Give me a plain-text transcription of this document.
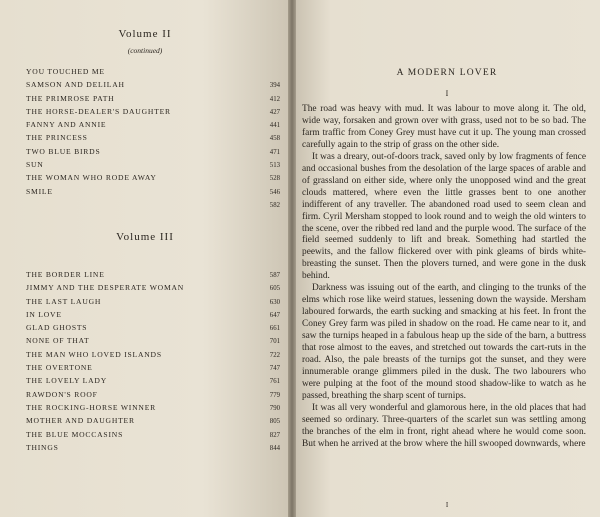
Volume II
(continued)
YOU TOUCHED ME
SAMSON AND DELILAH	394
THE PRIMROSE PATH	412
THE HORSE-DEALER'S DAUGHTER	427
FANNY AND ANNIE	441
THE PRINCESS	458
TWO BLUE BIRDS	471
SUN	513
THE WOMAN WHO RODE AWAY	528
SMILE	546
582
Volume III
THE BORDER LINE	587
JIMMY AND THE DESPERATE WOMAN	605
THE LAST LAUGH	630
IN LOVE	647
GLAD GHOSTS	661
NONE OF THAT	701
THE MAN WHO LOVED ISLANDS	722
THE OVERTONE	747
THE LOVELY LADY	761
RAWDON'S ROOF	779
THE ROCKING-HORSE WINNER	790
MOTHER AND DAUGHTER	805
THE BLUE MOCCASINS	827
THINGS	844
A MODERN LOVER
I

The road was heavy with mud. It was labour to move along it. The old, wide way, forsaken and grown over with grass, used not to be so bad. The farm traffic from Coney Grey must have cut it up. The young man crossed carefully again to the strip of grass on the other side.

It was a dreary, out-of-doors track, saved only by low fragments of fence and occasional bushes from the desolation of the large spaces of arable and of grassland on either side, where only the unopposed wind and the great clouds mattered, where even the little grasses bent to one another indifferent of any traveller. The abandoned road used to seem clean and firm. Cyril Mersham stopped to look round and to weigh the old winters to the scene, over the ribbed red land and the purple wood. The surface of the field seemed suddenly to lift and break. Something had startled the peewits, and the fallow flickered over with pink gleams of birds white-breasting the sunset. Then the plovers turned, and were gone in the dusk behind.

Darkness was issuing out of the earth, and clinging to the trunks of the elms which rose like weird statues, lessening down the wayside. Mersham laboured forwards, the earth sucking and smacking at his feet. In front the Coney Grey farm was piled in shadow on the road. He came near to it, and saw the turnips heaped in a fabulous heap up the side of the barn, a buttress that rose almost to the eaves, and stretched out towards the cart-ruts in the road. Also, the pale breasts of the turnips got the sunset, and they were innumerable orange glimmers piled in the dusk. The two labourers who were pulping at the foot of the mound stood shadow-like to watch as he passed, breathing the sharp scent of turnips.

It was all very wonderful and glamorous here, in the old places that had seemed so ordinary. Three-quarters of the scarlet sun was settling among the branches of the elm in front, right ahead where he would come soon. But when he arrived at the brow where the hill swooped downwards, where

I
